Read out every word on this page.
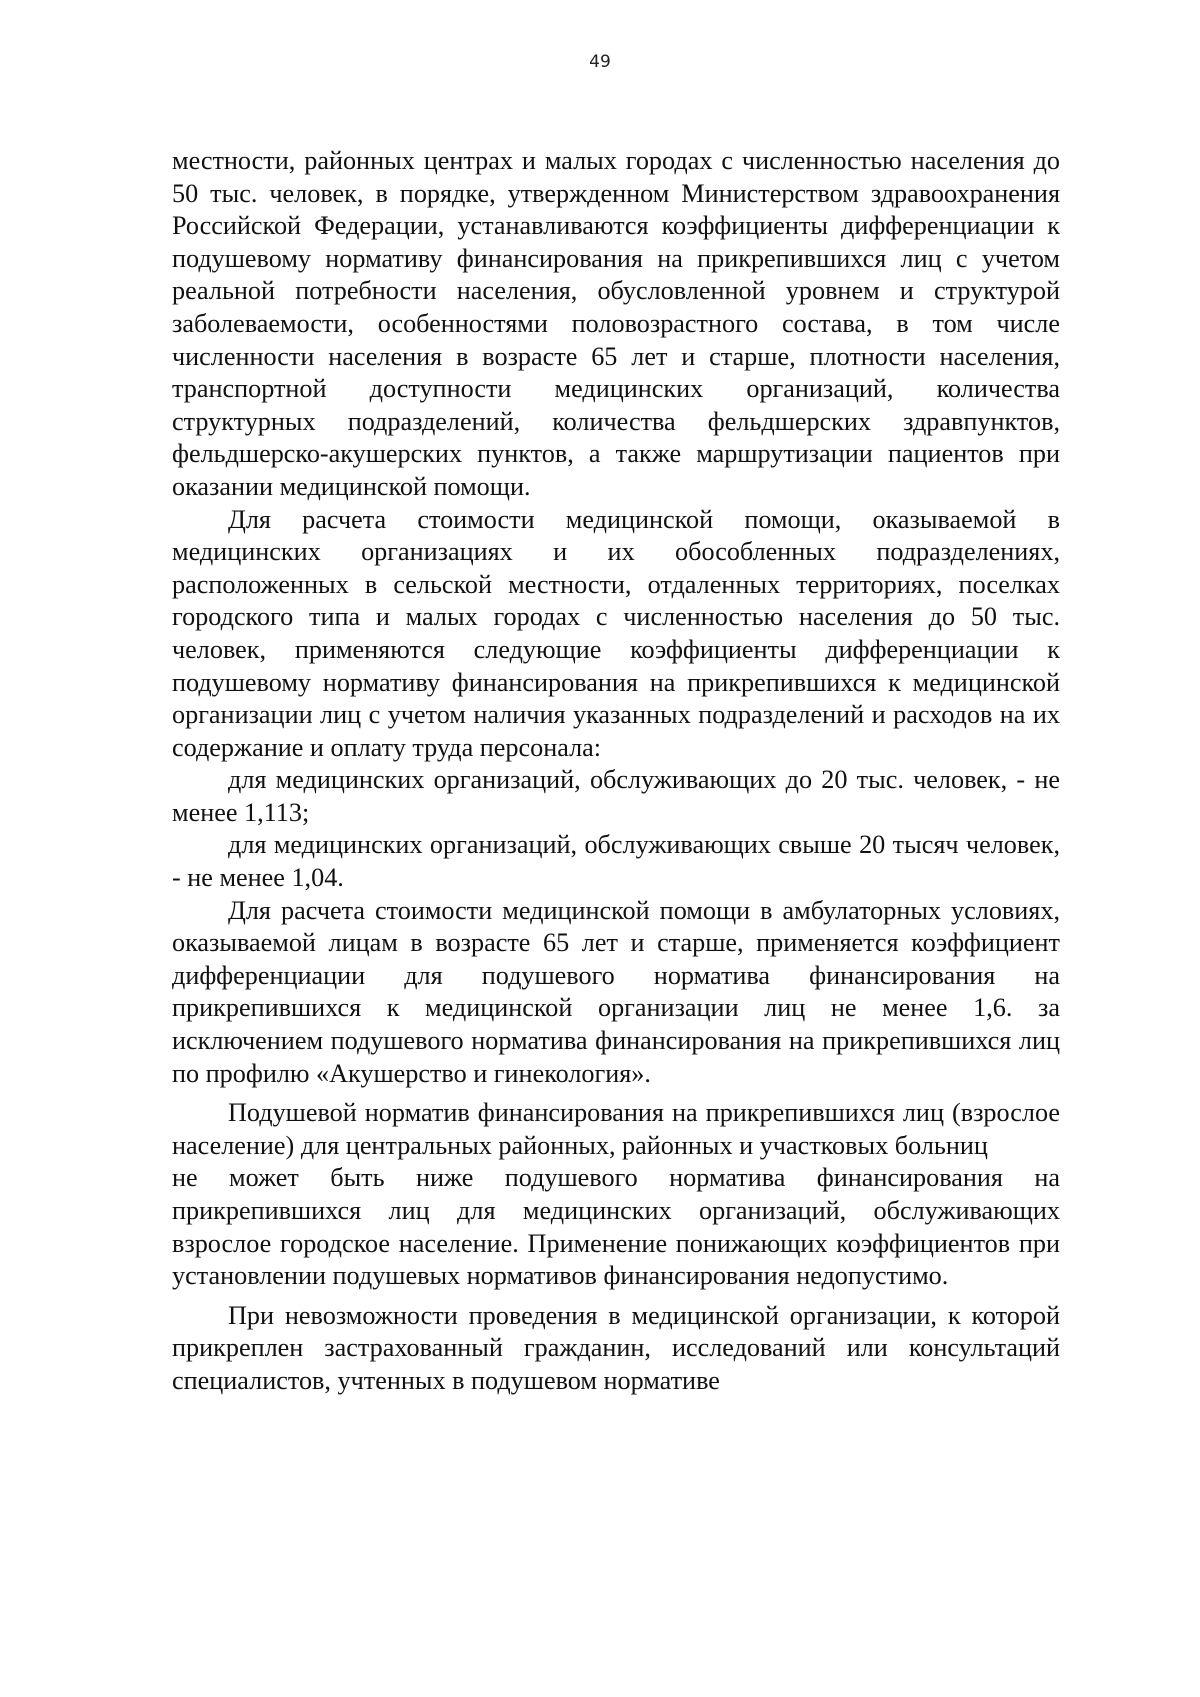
49

местности, районных центрах и малых городах с численностью населения до 50 тыс. человек, в порядке, утвержденном Министерством здравоохранения Российской Федерации, устанавливаются коэффициенты дифференциации к подушевому нормативу финансирования на прикрепившихся лиц с учетом реальной потребности населения, обусловленной уровнем и структурой заболеваемости, особенностями половозрастного состава, в том числе численности населения в возрасте 65 лет и старше, плотности населения, транспортной доступности медицинских организаций, количества структурных подразделений, количества фельдшерских здравпунктов, фельдшерско-акушерских пунктов, а также маршрутизации пациентов при оказании медицинской помощи.

Для расчета стоимости медицинской помощи, оказываемой в медицинских организациях и их обособленных подразделениях, расположенных в сельской местности, отдаленных территориях, поселках городского типа и малых городах с численностью населения до 50 тыс. человек, применяются следующие коэффициенты дифференциации к подушевому нормативу финансирования на прикрепившихся к медицинской организации лиц с учетом наличия указанных подразделений и расходов на их содержание и оплату труда персонала:

для медицинских организаций, обслуживающих до 20 тыс. человек, - не менее 1,113;

для медицинских организаций, обслуживающих свыше 20 тысяч человек, - не менее 1,04.

Для расчета стоимости медицинской помощи в амбулаторных условиях, оказываемой лицам в возрасте 65 лет и старше, применяется коэффициент дифференциации для подушевого норматива финансирования на прикрепившихся к медицинской организации лиц не менее 1,6. за исключением подушевого норматива финансирования на прикрепившихся лиц по профилю «Акушерство и гинекология».

Подушевой норматив финансирования на прикрепившихся лиц (взрослое население) для центральных районных, районных и участковых больниц

не может быть ниже подушевого норматива финансирования на прикрепившихся лиц для медицинских организаций, обслуживающих взрослое городское население. Применение понижающих коэффициентов при установлении подушевых нормативов финансирования недопустимо.

При невозможности проведения в медицинской организации, к которой прикреплен застрахованный гражданин, исследований или консультаций специалистов, учтенных в подушевом нормативе
